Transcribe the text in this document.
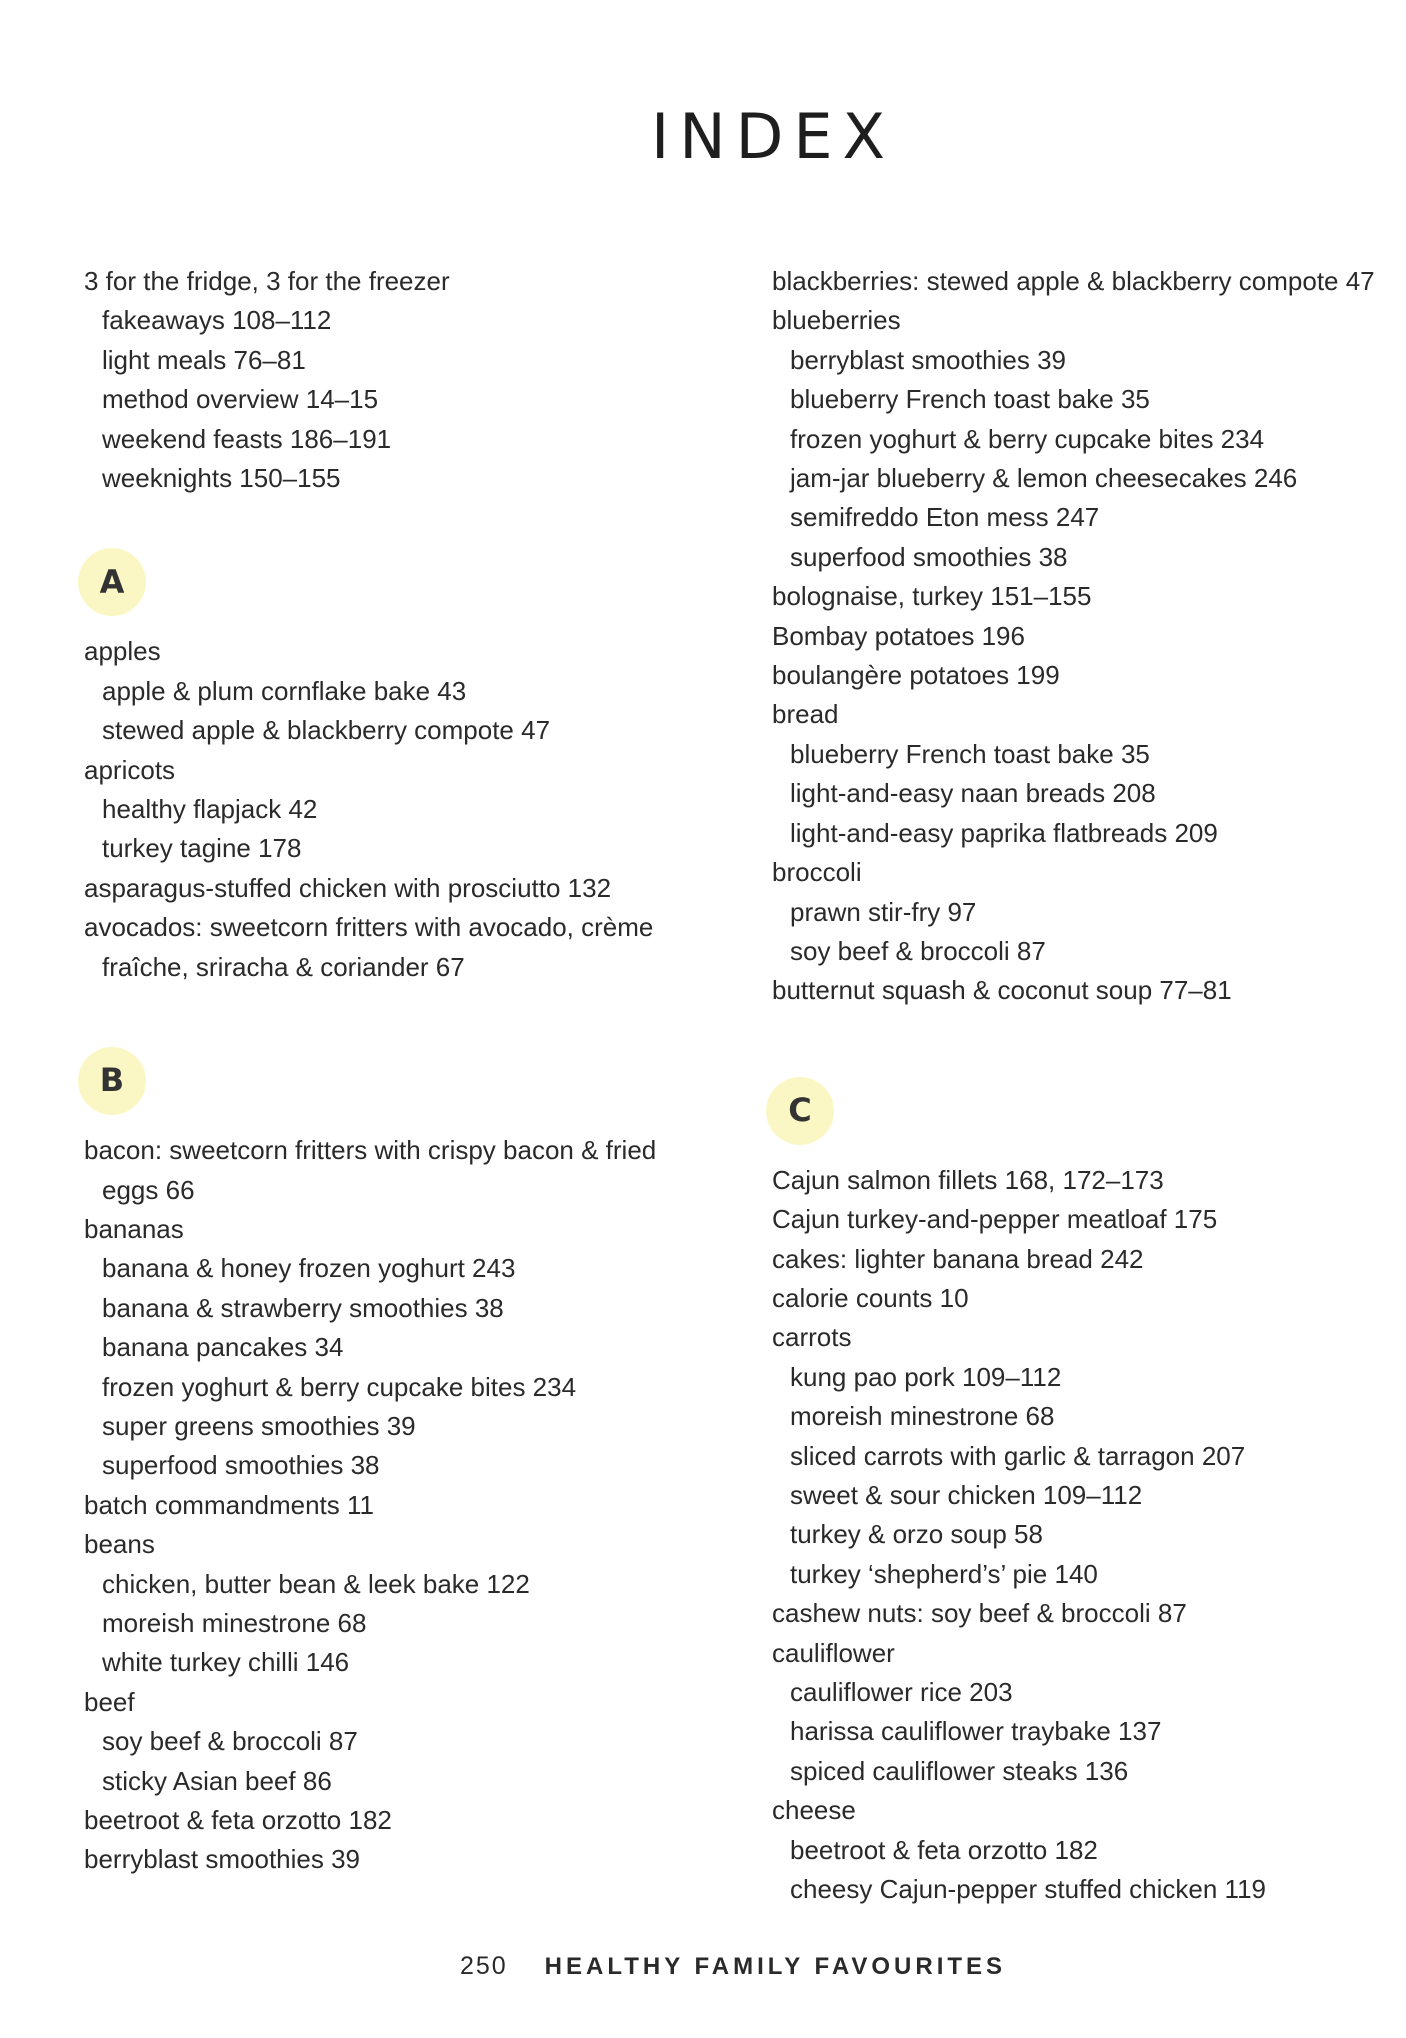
INDEX
3 for the fridge, 3 for the freezer
fakeaways 108–112
light meals 76–81
method overview 14–15
weekend feasts 186–191
weeknights 150–155
A
apples
apple & plum cornflake bake 43
stewed apple & blackberry compote 47
apricots
healthy flapjack 42
turkey tagine 178
asparagus-stuffed chicken with prosciutto 132
avocados: sweetcorn fritters with avocado, crème
fraîche, sriracha & coriander 67
B
bacon: sweetcorn fritters with crispy bacon & fried
eggs 66
bananas
banana & honey frozen yoghurt 243
banana & strawberry smoothies 38
banana pancakes 34
frozen yoghurt & berry cupcake bites 234
super greens smoothies 39
superfood smoothies 38
batch commandments 11
beans
chicken, butter bean & leek bake 122
moreish minestrone 68
white turkey chilli 146
beef
soy beef & broccoli 87
sticky Asian beef 86
beetroot & feta orzotto 182
berryblast smoothies 39
blackberries: stewed apple & blackberry compote 47
blueberries
berryblast smoothies 39
blueberry French toast bake 35
frozen yoghurt & berry cupcake bites 234
jam-jar blueberry & lemon cheesecakes 246
semifreddo Eton mess 247
superfood smoothies 38
bolognaise, turkey 151–155
Bombay potatoes 196
boulangère potatoes 199
bread
blueberry French toast bake 35
light-and-easy naan breads 208
light-and-easy paprika flatbreads 209
broccoli
prawn stir-fry 97
soy beef & broccoli 87
butternut squash & coconut soup 77–81
C
Cajun salmon fillets 168, 172–173
Cajun turkey-and-pepper meatloaf 175
cakes: lighter banana bread 242
calorie counts 10
carrots
kung pao pork 109–112
moreish minestrone 68
sliced carrots with garlic & tarragon 207
sweet & sour chicken 109–112
turkey & orzo soup 58
turkey ‘shepherd’s’ pie 140
cashew nuts: soy beef & broccoli 87
cauliflower
cauliflower rice 203
harissa cauliflower traybake 137
spiced cauliflower steaks 136
cheese
beetroot & feta orzotto 182
cheesy Cajun-pepper stuffed chicken 119
250 HEALTHY FAMILY FAVOURITES
